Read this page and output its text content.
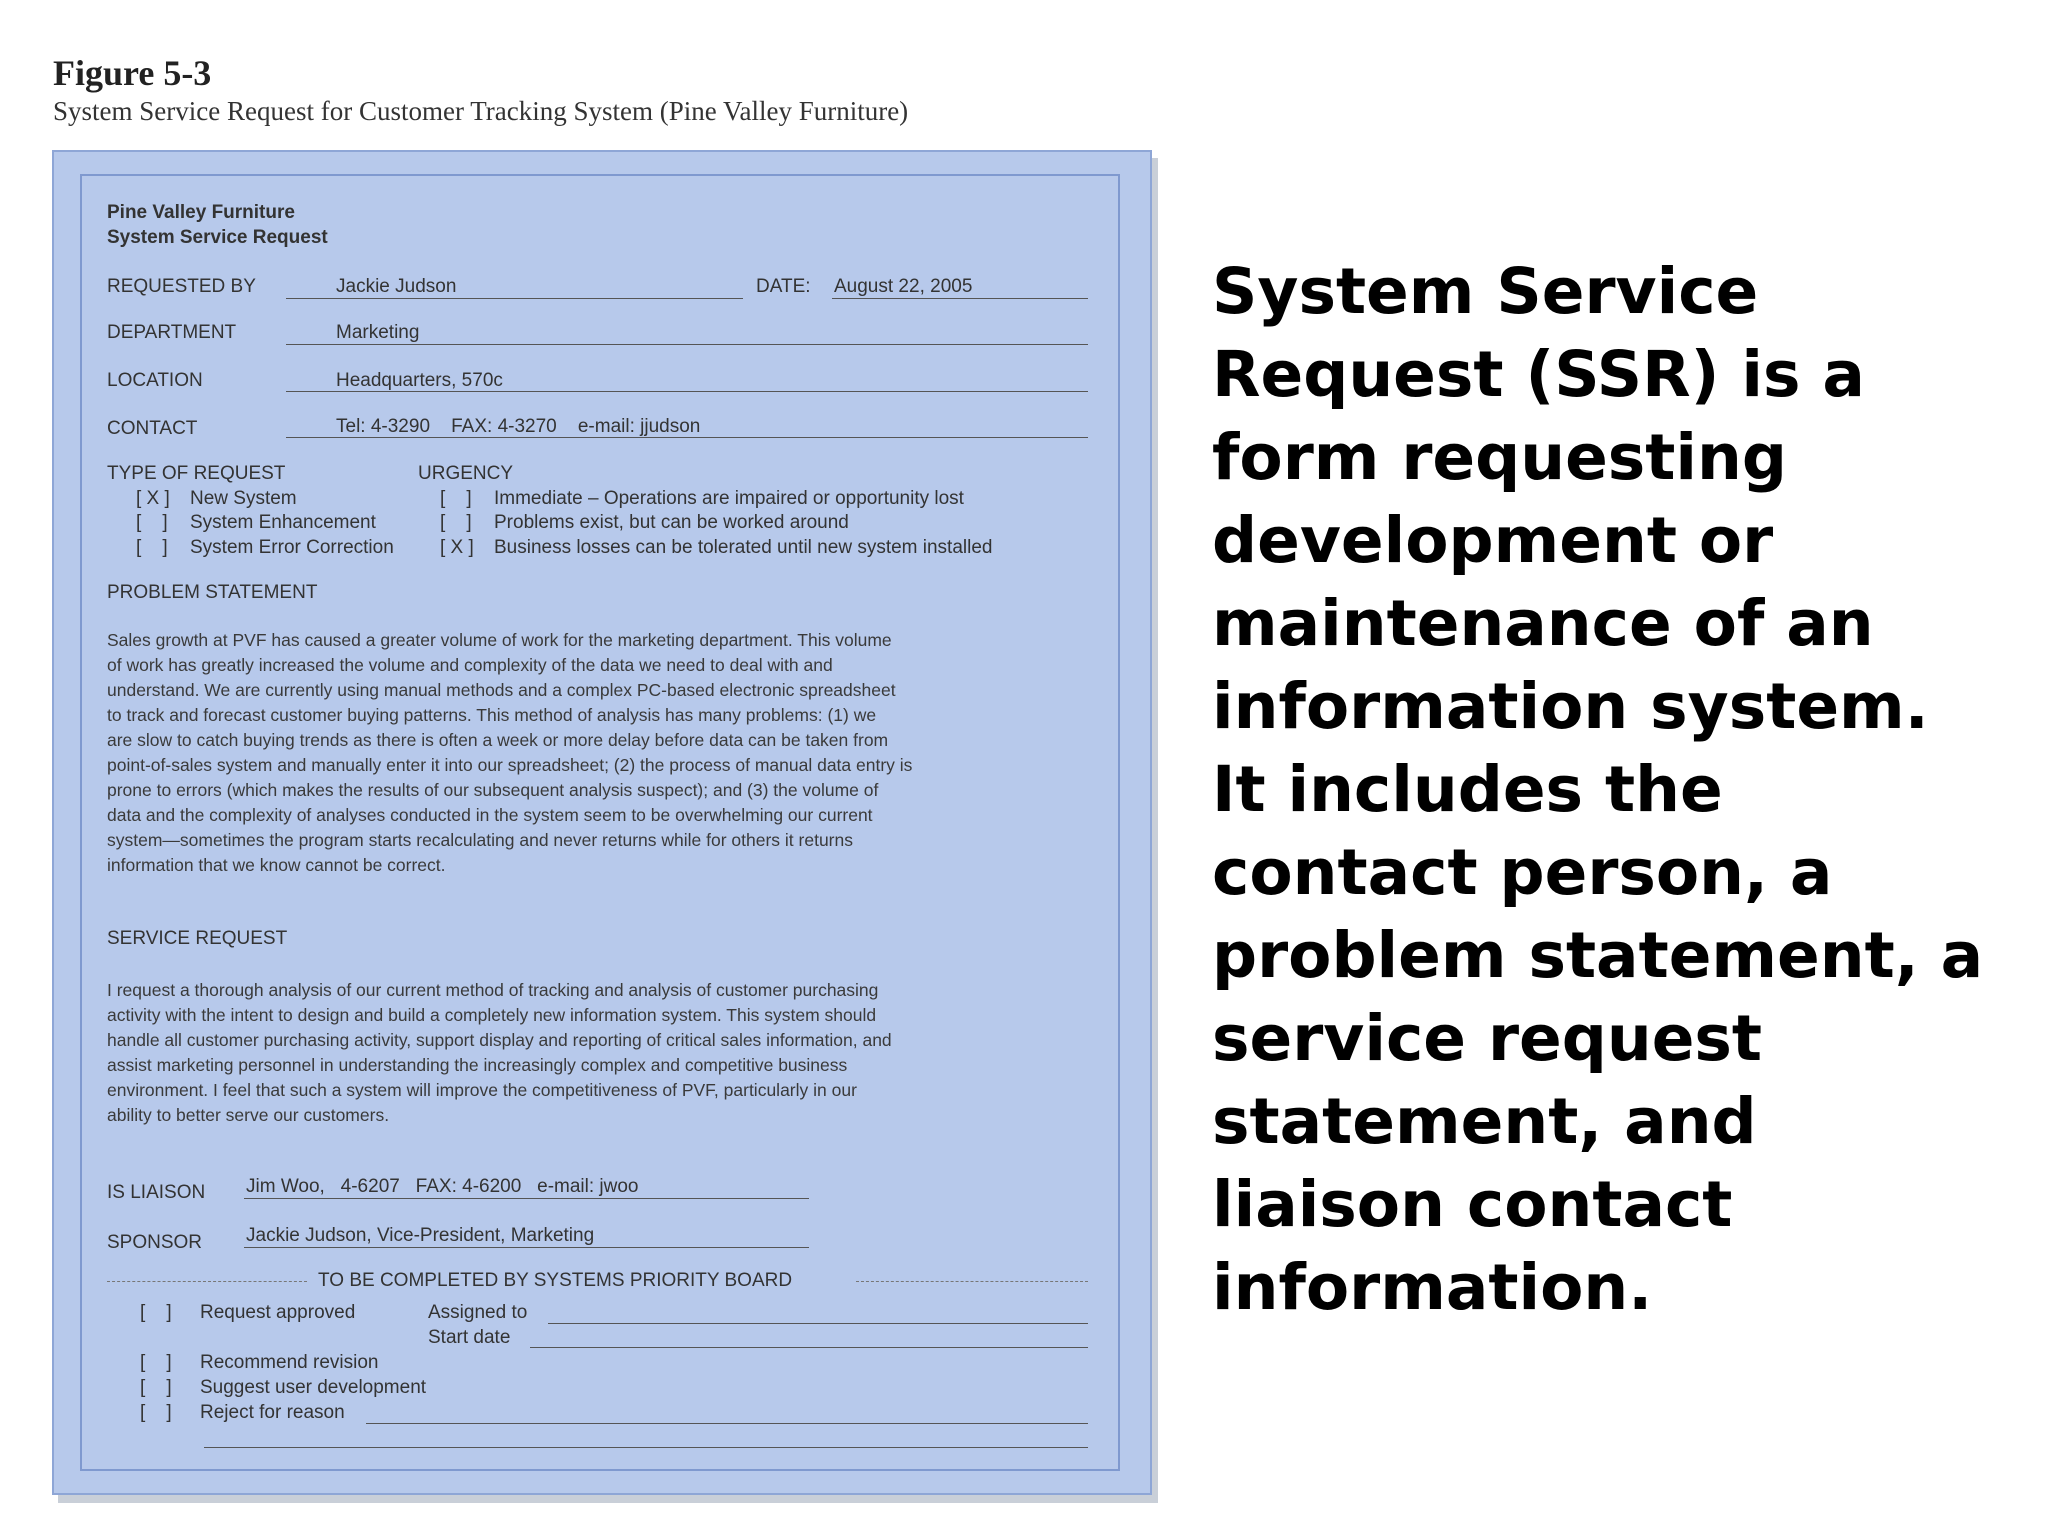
Figure 5-3
System Service Request for Customer Tracking System (Pine Valley Furniture)
Pine Valley Furniture
System Service Request
REQUESTED BY	Jackie Judson	DATE: August 22, 2005
DEPARTMENT	Marketing
LOCATION	Headquarters, 570c
CONTACT	Tel: 4-3290    FAX: 4-3270    e-mail: jjudson
TYPE OF REQUEST
[ X ] New System
[    ] System Enhancement
[    ] System Error Correction
URGENCY
[    ] Immediate – Operations are impaired or opportunity lost
[    ] Problems exist, but can be worked around
[ X ] Business losses can be tolerated until new system installed
PROBLEM STATEMENT
Sales growth at PVF has caused a greater volume of work for the marketing department. This volume
of work has greatly increased the volume and complexity of the data we need to deal with and
understand. We are currently using manual methods and a complex PC-based electronic spreadsheet
to track and forecast customer buying patterns. This method of analysis has many problems: (1) we
are slow to catch buying trends as there is often a week or more delay before data can be taken from
point-of-sales system and manually enter it into our spreadsheet; (2) the process of manual data entry is
prone to errors (which makes the results of our subsequent analysis suspect); and (3) the volume of
data and the complexity of analyses conducted in the system seem to be overwhelming our current
system—sometimes the program starts recalculating and never returns while for others it returns
information that we know cannot be correct.
SERVICE REQUEST
I request a thorough analysis of our current method of tracking and analysis of customer purchasing
activity with the intent to design and build a completely new information system. This system should
handle all customer purchasing activity, support display and reporting of critical sales information, and
assist marketing personnel in understanding the increasingly complex and competitive business
environment. I feel that such a system will improve the competitiveness of PVF, particularly in our
ability to better serve our customers.
IS LIAISON Jim Woo,   4-6207   FAX: 4-6200   e-mail: jwoo
SPONSOR Jackie Judson, Vice-President, Marketing
TO BE COMPLETED BY SYSTEMS PRIORITY BOARD
[    ] Request approved	Assigned to
Start date
[    ] Recommend revision
[    ] Suggest user development
[    ] Reject for reason
System Service
Request (SSR) is a
form requesting
development or
maintenance of an
information system.
It includes the
contact person, a
problem statement, a
service request
statement, and
liaison contact
information.
